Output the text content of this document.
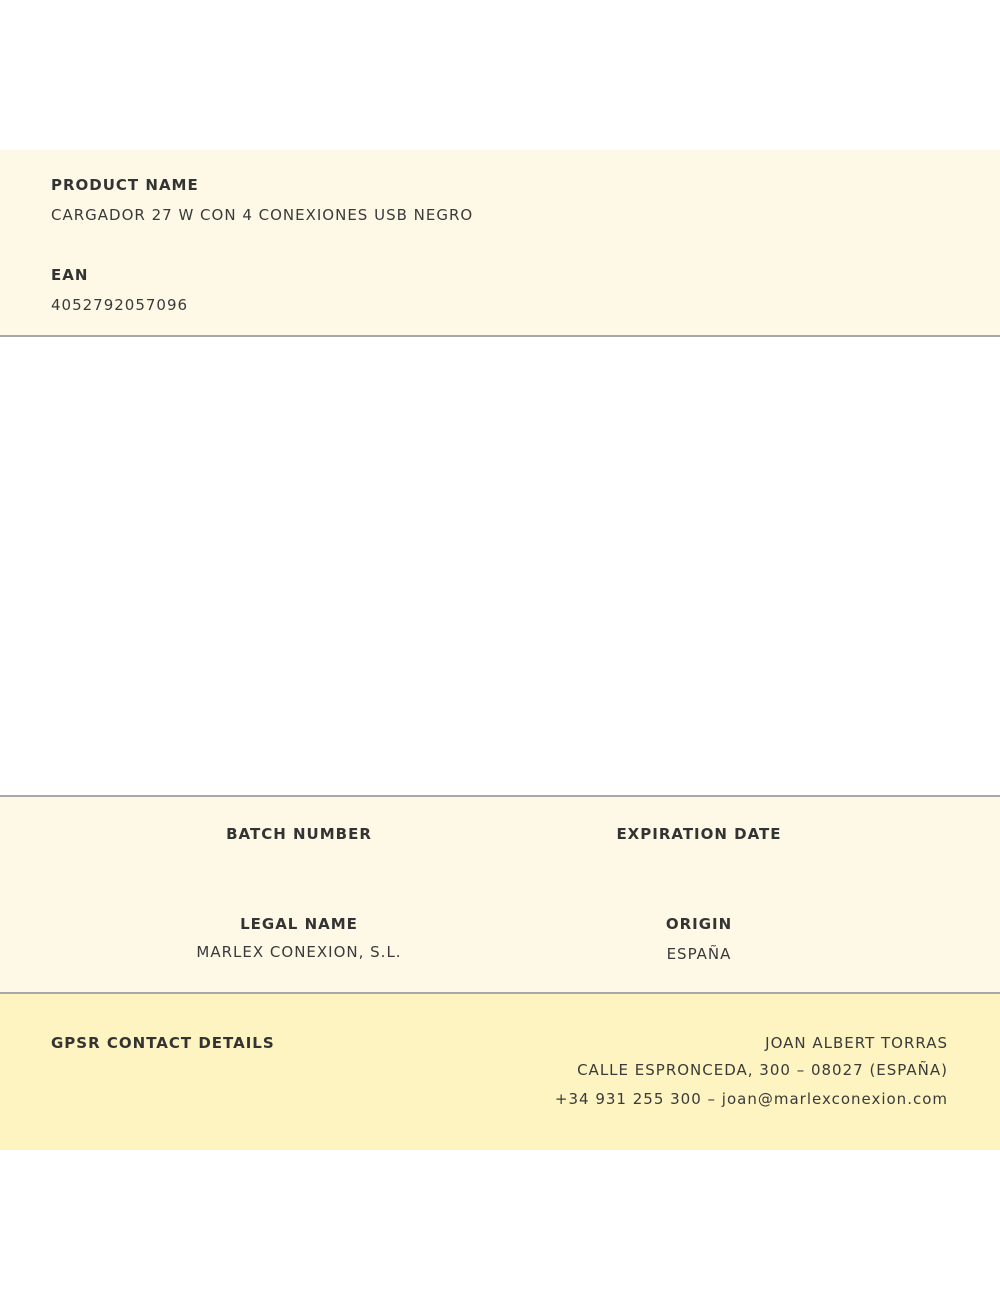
PRODUCT NAME
CARGADOR 27 W CON 4 CONEXIONES USB NEGRO
EAN
4052792057096
BATCH NUMBER	EXPIRATION DATE
LEGAL NAME
MARLEX CONEXION, S.L.
ORIGIN
ESPAÑA
GPSR CONTACT DETAILS	JOAN ALBERT TORRAS
CALLE ESPRONCEDA, 300 – 08027 (ESPAÑA)
+34 931 255 300 – joan@marlexconexion.com
